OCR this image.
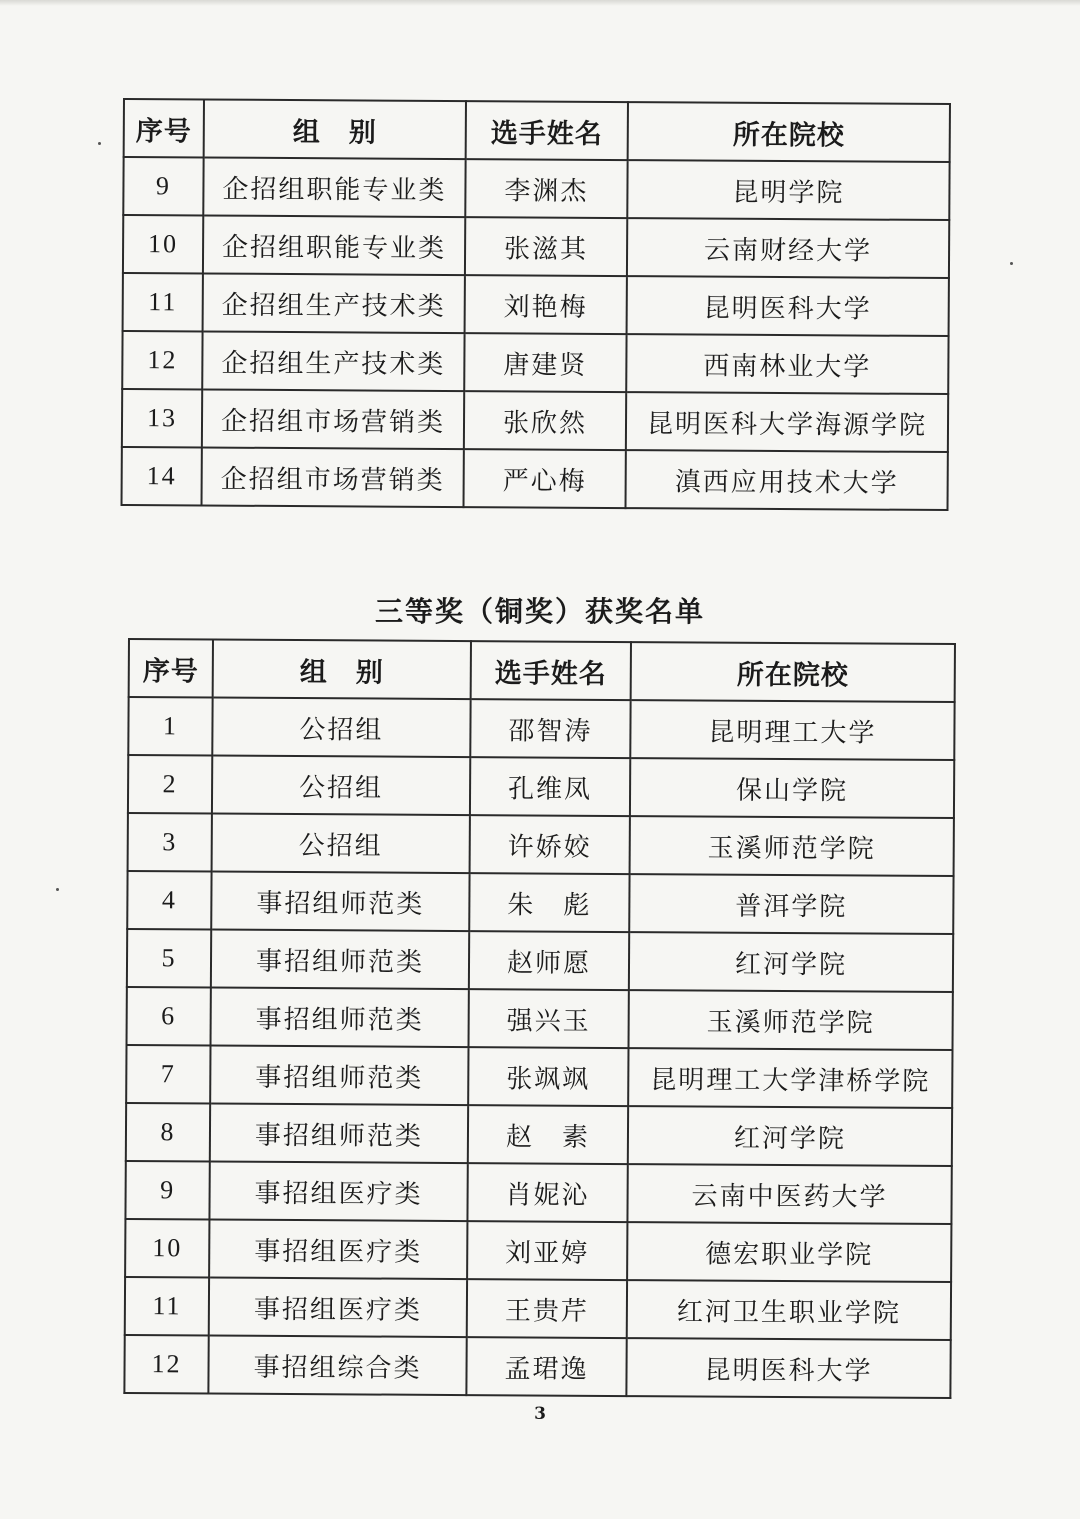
序号	组　别	选手姓名	所在院校
9	企招组职能专业类	李渊杰	昆明学院
10	企招组职能专业类	张滋其	云南财经大学
11	企招组生产技术类	刘艳梅	昆明医科大学
12	企招组生产技术类	唐建贤	西南林业大学
13	企招组市场营销类	张欣然	昆明医科大学海源学院
14	企招组市场营销类	严心梅	滇西应用技术大学
三等奖（铜奖）获奖名单
序号	组　别	选手姓名	所在院校
1	公招组	邵智涛	昆明理工大学
2	公招组	孔维凤	保山学院
3	公招组	许娇姣	玉溪师范学院
4	事招组师范类	朱　彪	普洱学院
5	事招组师范类	赵师愿	红河学院
6	事招组师范类	强兴玉	玉溪师范学院
7	事招组师范类	张飒飒	昆明理工大学津桥学院
8	事招组师范类	赵　素	红河学院
9	事招组医疗类	肖妮沁	云南中医药大学
10	事招组医疗类	刘亚婷	德宏职业学院
11	事招组医疗类	王贵芹	红河卫生职业学院
12	事招组综合类	孟珺逸	昆明医科大学
3
